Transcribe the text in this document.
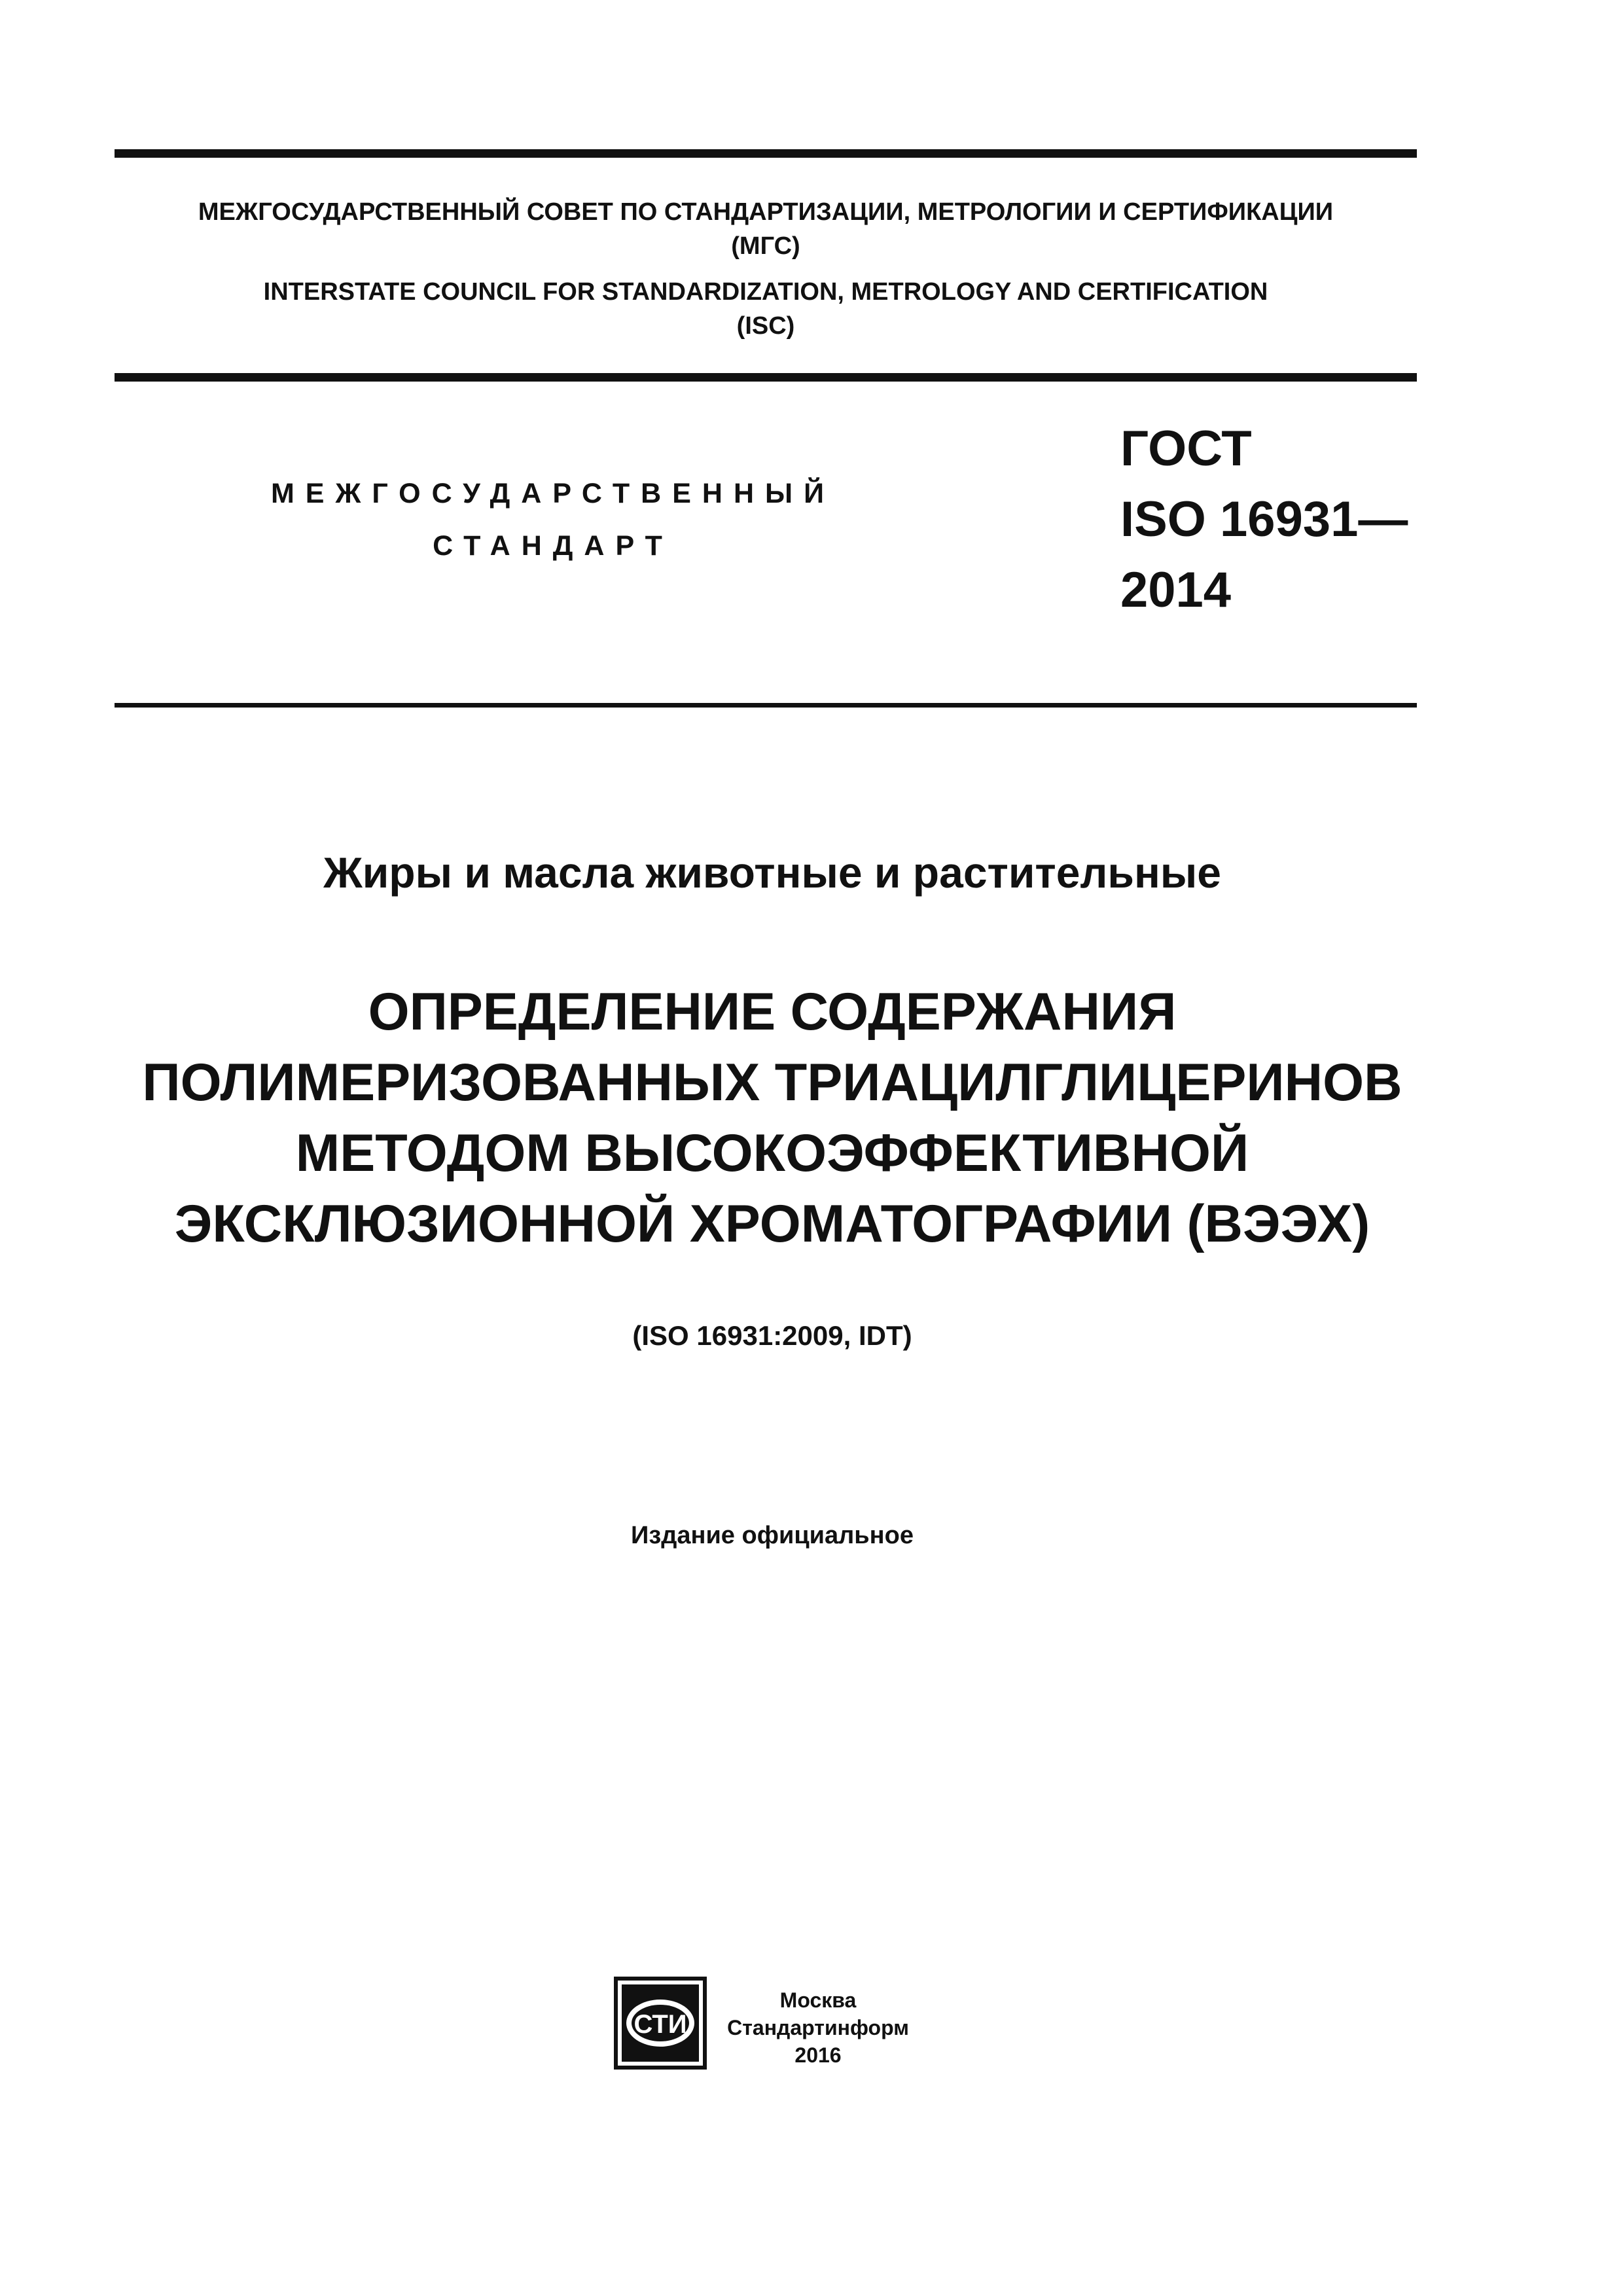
МЕЖГОСУДАРСТВЕННЫЙ СОВЕТ ПО СТАНДАРТИЗАЦИИ, МЕТРОЛОГИИ И СЕРТИФИКАЦИИ
(МГС)
INTERSTATE COUNCIL FOR STANDARDIZATION, METROLOGY AND CERTIFICATION
(ISC)
МЕЖГОСУДАРСТВЕННЫЙ
СТАНДАРТ
ГОСТ
ISO 16931—
2014
Жиры и масла животные и растительные
ОПРЕДЕЛЕНИЕ СОДЕРЖАНИЯ
ПОЛИМЕРИЗОВАННЫХ ТРИАЦИЛГЛИЦЕРИНОВ
МЕТОДОМ ВЫСОКОЭФФЕКТИВНОЙ
ЭКСКЛЮЗИОННОЙ ХРОМАТОГРАФИИ (ВЭЭХ)
(ISO 16931:2009, IDT)
Издание официальное
СТИ
Москва
Стандартинформ
2016
